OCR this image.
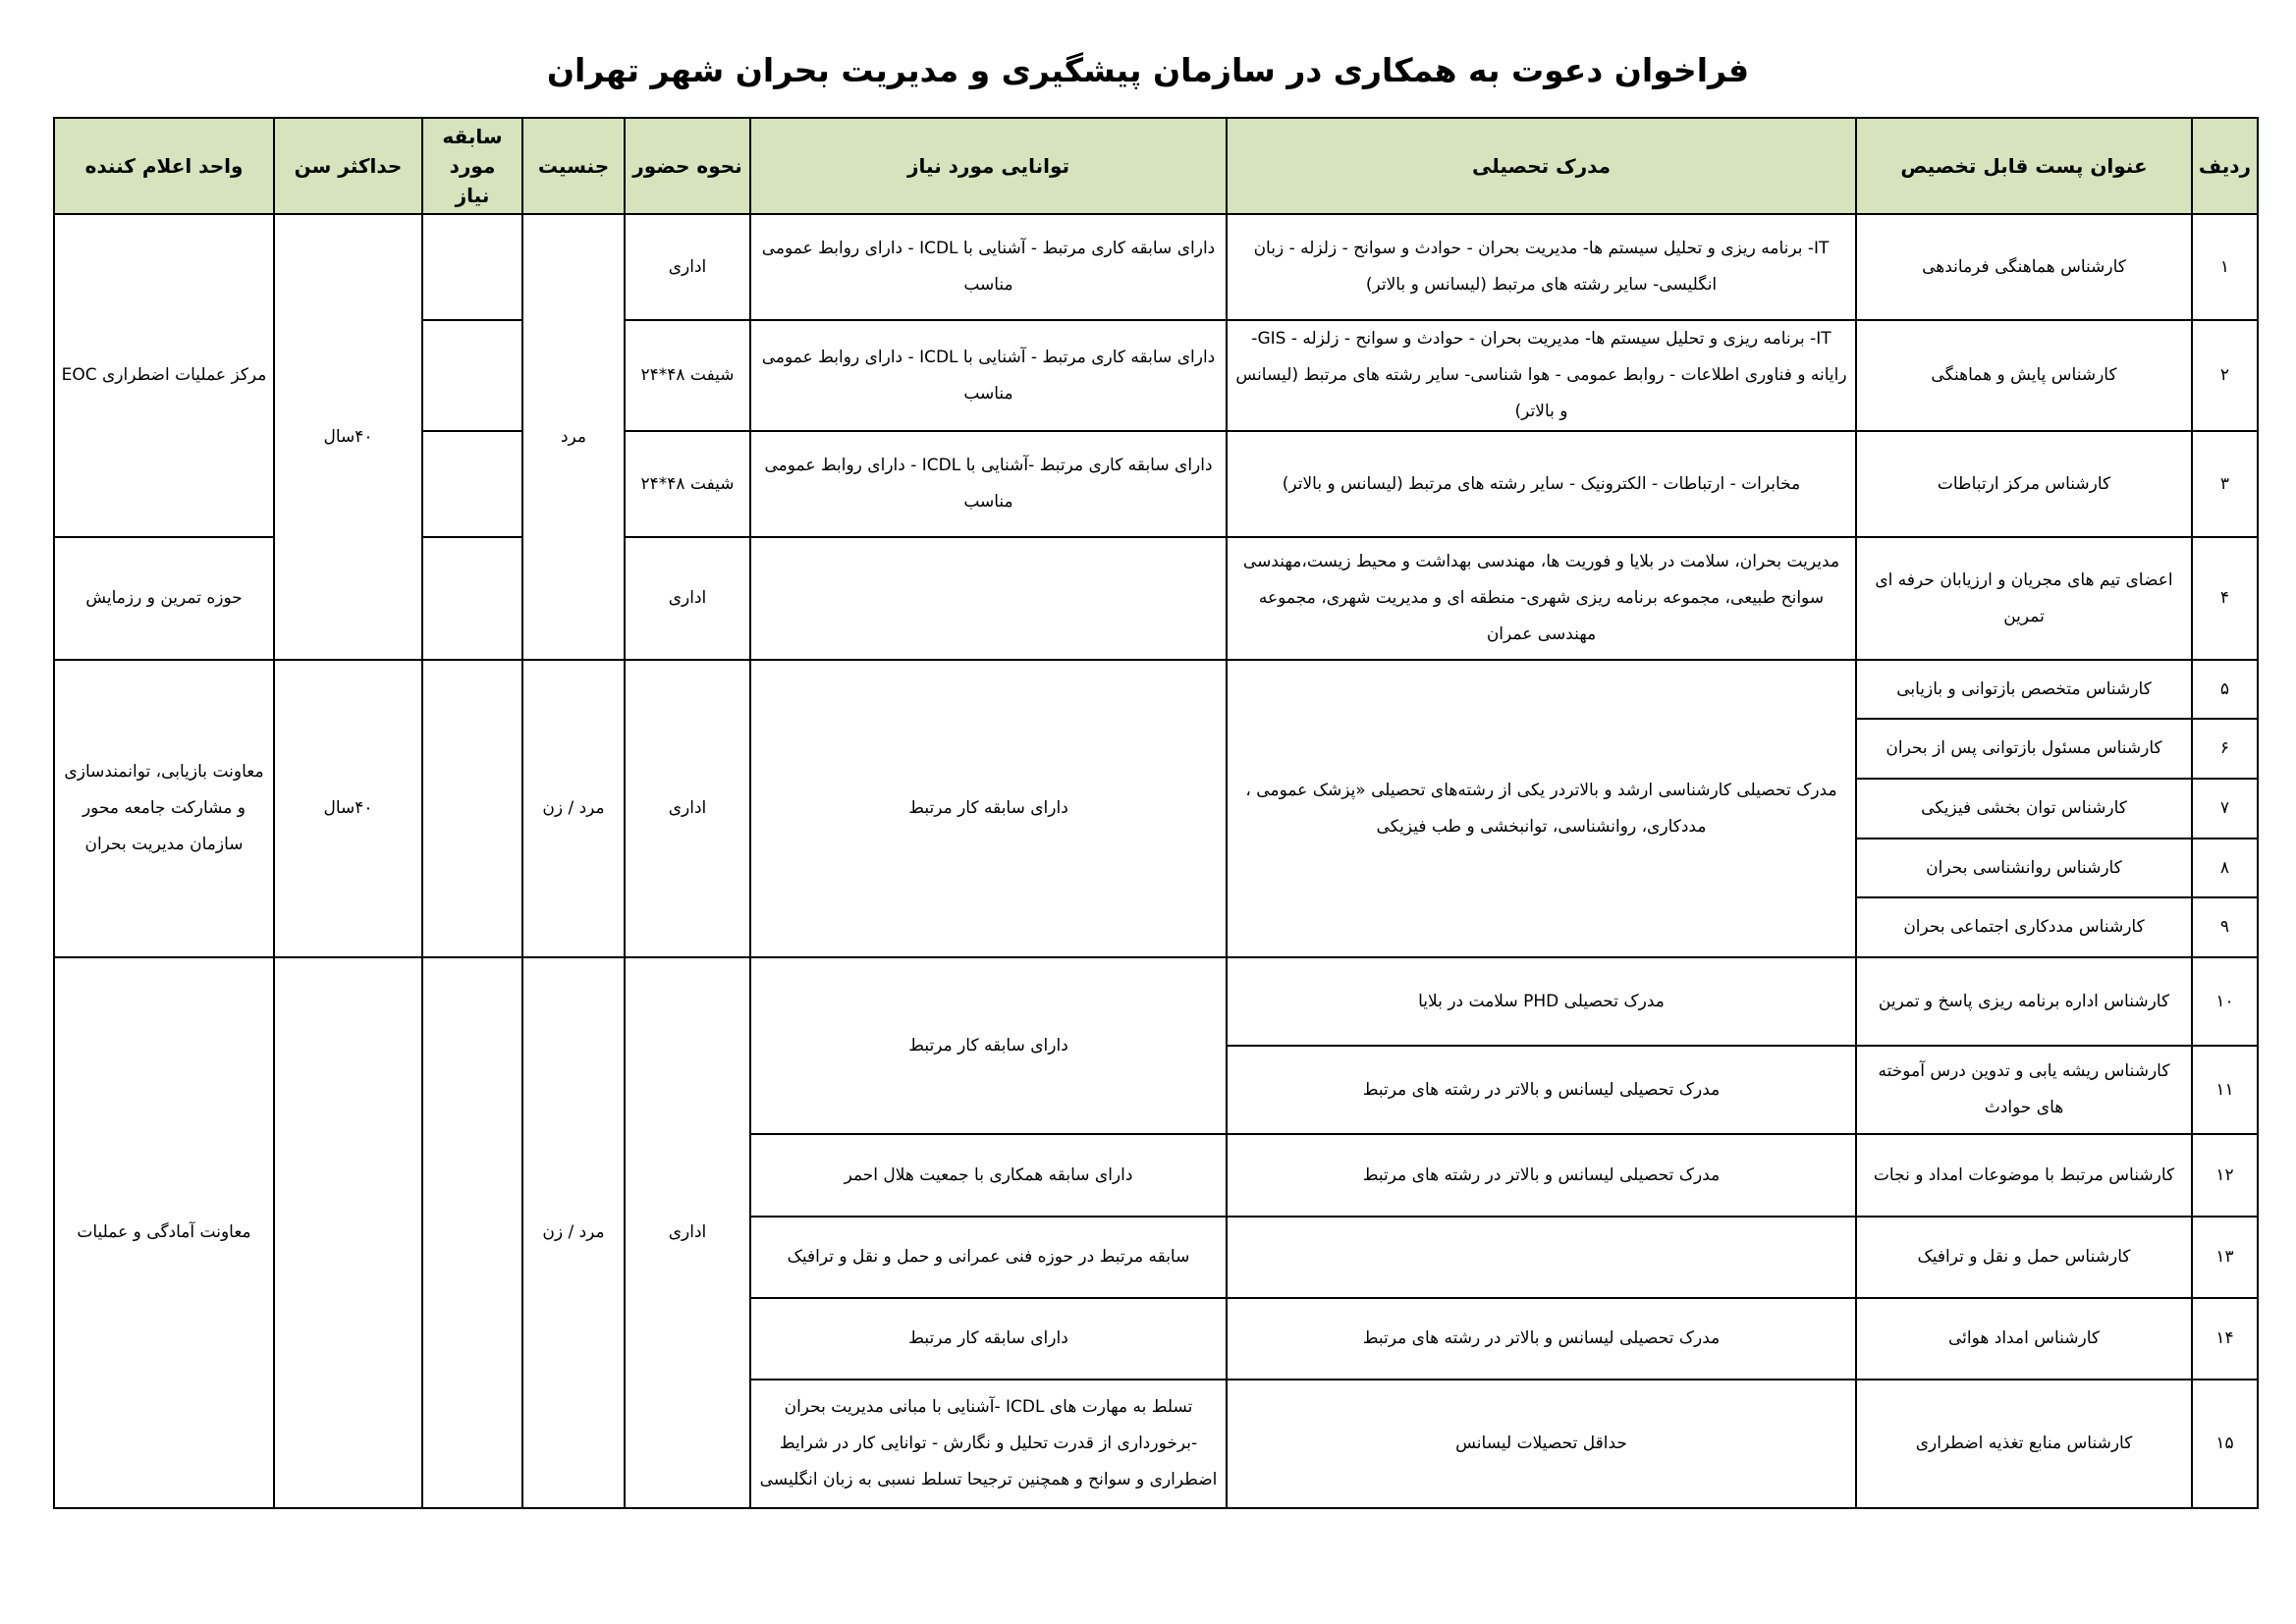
فراخوان دعوت به همکاری در سازمان پیشگیری و مدیریت بحران شهر تهران
ردیف	عنوان پست قابل تخصیص	مدرک تحصیلی	توانایی مورد نیاز	نحوه حضور	جنسیت	سابقه مورد نیاز	حداکثر سن	واحد اعلام کننده
۱	کارشناس هماهنگی فرماندهی	IT- برنامه ریزی و تحلیل سیستم ها- مدیریت بحران - حوادث و سوانح - زلزله - زبان انگلیسی- سایر رشته های مرتبط (لیسانس و بالاتر)	دارای سابقه کاری مرتبط - آشنایی با ICDL - دارای روابط عمومی مناسب	اداری	مرد		۴۰سال	مرکز عملیات اضطراری EOC
۲	کارشناس پایش و هماهنگی	IT- برنامه ریزی و تحلیل سیستم ها- مدیریت بحران - حوادث و سوانح - زلزله - GIS- رایانه و فناوری اطلاعات - روابط عمومی - هوا شناسی- سایر رشته های مرتبط (لیسانس و بالاتر)	دارای سابقه کاری مرتبط - آشنایی با ICDL - دارای روابط عمومی مناسب	شیفت ۴۸*۲۴				
۳	کارشناس مرکز ارتباطات	مخابرات - ارتباطات - الکترونیک - سایر رشته های مرتبط (لیسانس و بالاتر)	دارای سابقه کاری مرتبط -آشنایی با ICDL - دارای روابط عمومی مناسب	شیفت ۴۸*۲۴				
۴	اعضای تیم های مجریان و ارزیابان حرفه ای تمرین	مدیریت بحران، سلامت در بلایا و فوریت ها، مهندسی بهداشت و محیط زیست،مهندسی سوانح طبیعی، مجموعه برنامه ریزی شهری- منطقه ای و مدیریت شهری، مجموعه مهندسی عمران		اداری				حوزه تمرین و رزمایش
۵	کارشناس متخصص بازتوانی و بازیابی	مدرک تحصیلی کارشناسی ارشد و بالاتردر یکی از رشته‌های تحصیلی «پزشک عمومی ، مددکاری، روانشناسی، توانبخشی و طب فیزیکی	دارای سابقه کار مرتبط	اداری	مرد / زن		۴۰سال	معاونت بازیابی، توانمندسازی و مشارکت جامعه محور سازمان مدیریت بحران
۶	کارشناس مسئول بازتوانی پس از بحران							
۷	کارشناس توان بخشی فیزیکی							
۸	کارشناس روانشناسی بحران							
۹	کارشناس مددکاری اجتماعی بحران							
۱۰	کارشناس اداره برنامه ریزی پاسخ و تمرین	مدرک تحصیلی PHD سلامت در بلایا	دارای سابقه کار مرتبط	اداری	مرد / زن			معاونت آمادگی و عملیات
۱۱	کارشناس ریشه یابی و تدوین درس آموخته های حوادث	مدرک تحصیلی لیسانس و بالاتر در رشته های مرتبط						
۱۲	کارشناس مرتبط با موضوعات امداد و نجات	مدرک تحصیلی لیسانس و بالاتر در رشته های مرتبط	دارای سابقه همکاری با جمعیت هلال احمر					
۱۳	کارشناس حمل و نقل و ترافیک		سابقه مرتبط در حوزه فنی عمرانی و حمل و نقل و ترافیک					
۱۴	کارشناس امداد هوائی	مدرک تحصیلی لیسانس و بالاتر در رشته های مرتبط	دارای سابقه کار مرتبط					
۱۵	کارشناس منابع تغذیه اضطراری	حداقل تحصیلات لیسانس	تسلط به مهارت های ICDL -آشنایی با مبانی مدیریت بحران -برخورداری از قدرت تحلیل و نگارش - توانایی کار در شرایط اضطراری و سوانح و همچنین ترجیحا تسلط نسبی به زبان انگلیسی					
